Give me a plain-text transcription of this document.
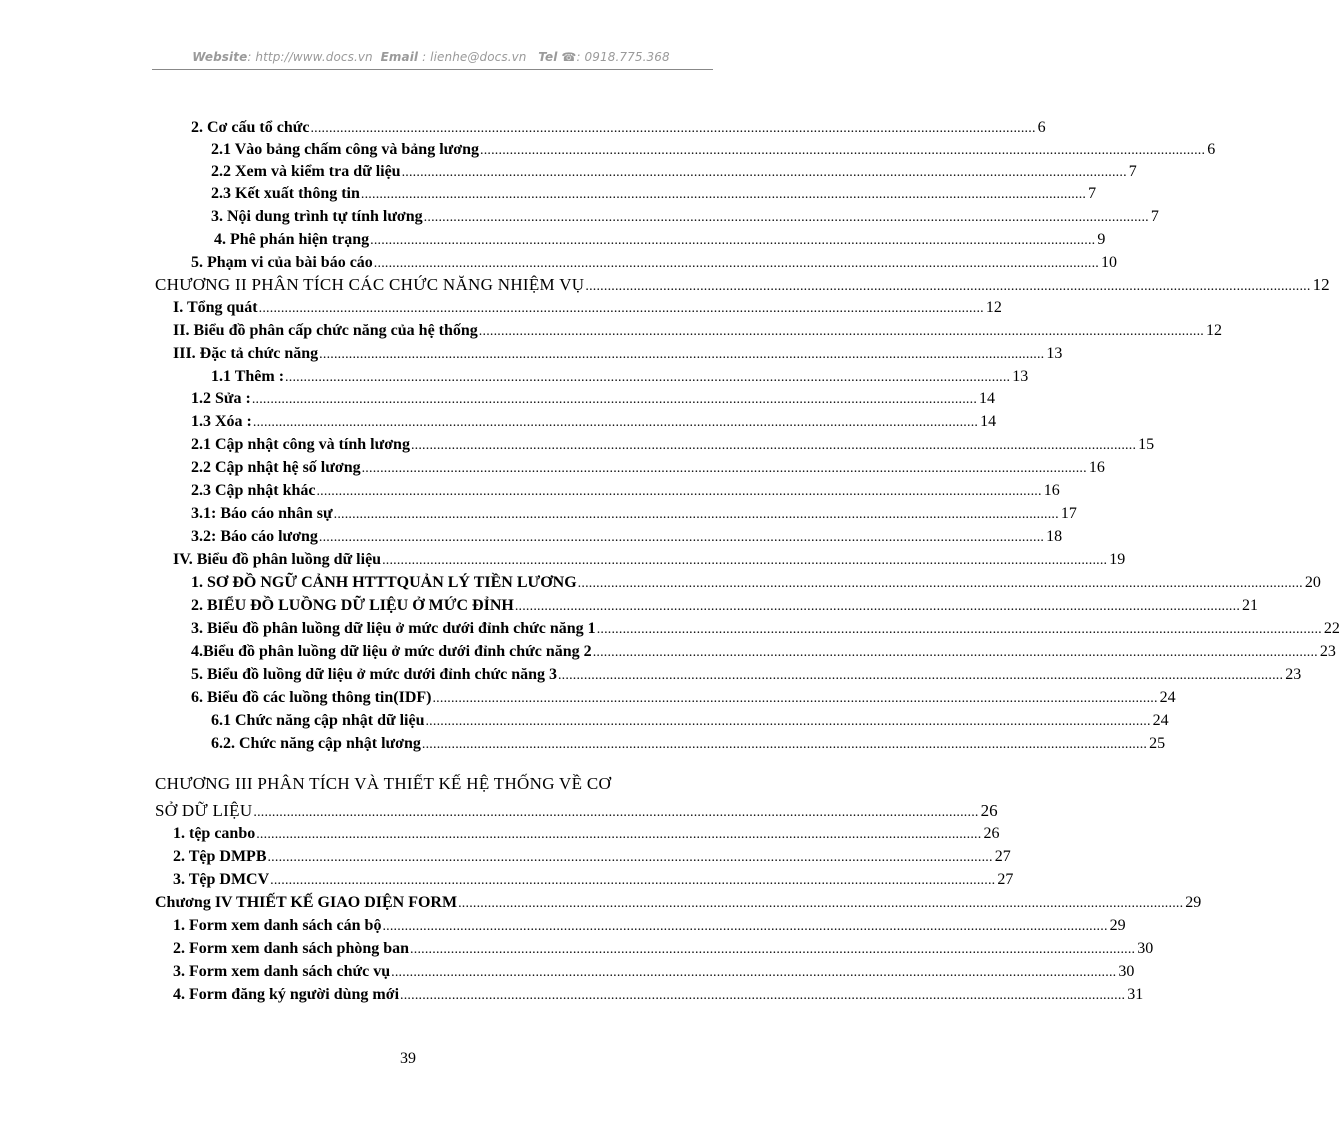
Website: http://www.docs.vn Email : lienhe@docs.vn Tel ☎: 0918.775.368
2. Cơ cấu tổ chức .................................................................................................................................................................................................... 6
2.1 Vào bảng chấm công và bảng lương .................................................................................................................................................................................................... 6
2.2 Xem và kiểm tra dữ liệu .................................................................................................................................................................................................... 7
2.3 Kết xuất thông tin .................................................................................................................................................................................................... 7
3. Nội dung trình tự tính lương .................................................................................................................................................................................................... 7
4. Phê phán hiện trạng .................................................................................................................................................................................................... 9
5. Phạm vi của bài báo cáo .................................................................................................................................................................................................... 10
CHƯƠNG II PHÂN TÍCH CÁC CHỨC NĂNG NHIỆM VỤ .................................................................................................................................................................................................... 12
I. Tổng quát .................................................................................................................................................................................................... 12
II. Biểu đồ phân cấp chức năng của hệ thống .................................................................................................................................................................................................... 12
III. Đặc tả chức năng .................................................................................................................................................................................................... 13
1.1 Thêm : .................................................................................................................................................................................................... 13
1.2 Sửa : .................................................................................................................................................................................................... 14
1.3 Xóa : .................................................................................................................................................................................................... 14
2.1 Cập nhật công và tính lương .................................................................................................................................................................................................... 15
2.2 Cập nhật hệ số lương .................................................................................................................................................................................................... 16
2.3 Cập nhật khác .................................................................................................................................................................................................... 16
3.1: Báo cáo nhân sự .................................................................................................................................................................................................... 17
3.2: Báo cáo lương .................................................................................................................................................................................................... 18
IV. Biểu đồ phân luồng dữ liệu .................................................................................................................................................................................................... 19
1. SƠ ĐỒ NGỮ CẢNH HTTTQUẢN LÝ TIỀN LƯƠNG .................................................................................................................................................................................................... 20
2. BIỂU ĐỒ LUỒNG DỮ LIỆU Ở MỨC ĐỈNH .................................................................................................................................................................................................... 21
3. Biểu đồ phân luồng dữ liệu ở mức dưới đỉnh chức năng 1 .................................................................................................................................................................................................... 22
4.Biểu đồ phân luồng dữ liệu ở mức dưới đỉnh chức năng 2 .................................................................................................................................................................................................... 23
5. Biểu đồ luồng dữ liệu ở mức dưới đỉnh chức năng 3 .................................................................................................................................................................................................... 23
6. Biểu đồ các luồng thông tin(IDF) .................................................................................................................................................................................................... 24
6.1 Chức năng cập nhật dữ liệu .................................................................................................................................................................................................... 24
6.2. Chức năng cập nhật lương .................................................................................................................................................................................................... 25
CHƯƠNG III PHÂN TÍCH VÀ THIẾT KẾ HỆ THỐNG VỀ CƠ
SỞ DỮ LIỆU .................................................................................................................................................................................................... 26
1. tệp canbo .................................................................................................................................................................................................... 26
2. Tệp DMPB .................................................................................................................................................................................................... 27
3. Tệp DMCV .................................................................................................................................................................................................... 27
Chương IV THIẾT KẾ GIAO DIỆN FORM .................................................................................................................................................................................................... 29
1. Form xem danh sách cán bộ .................................................................................................................................................................................................... 29
2. Form xem danh sách phòng ban .................................................................................................................................................................................................... 30
3. Form xem danh sách chức vụ .................................................................................................................................................................................................... 30
4. Form đăng ký người dùng mới .................................................................................................................................................................................................... 31
39
